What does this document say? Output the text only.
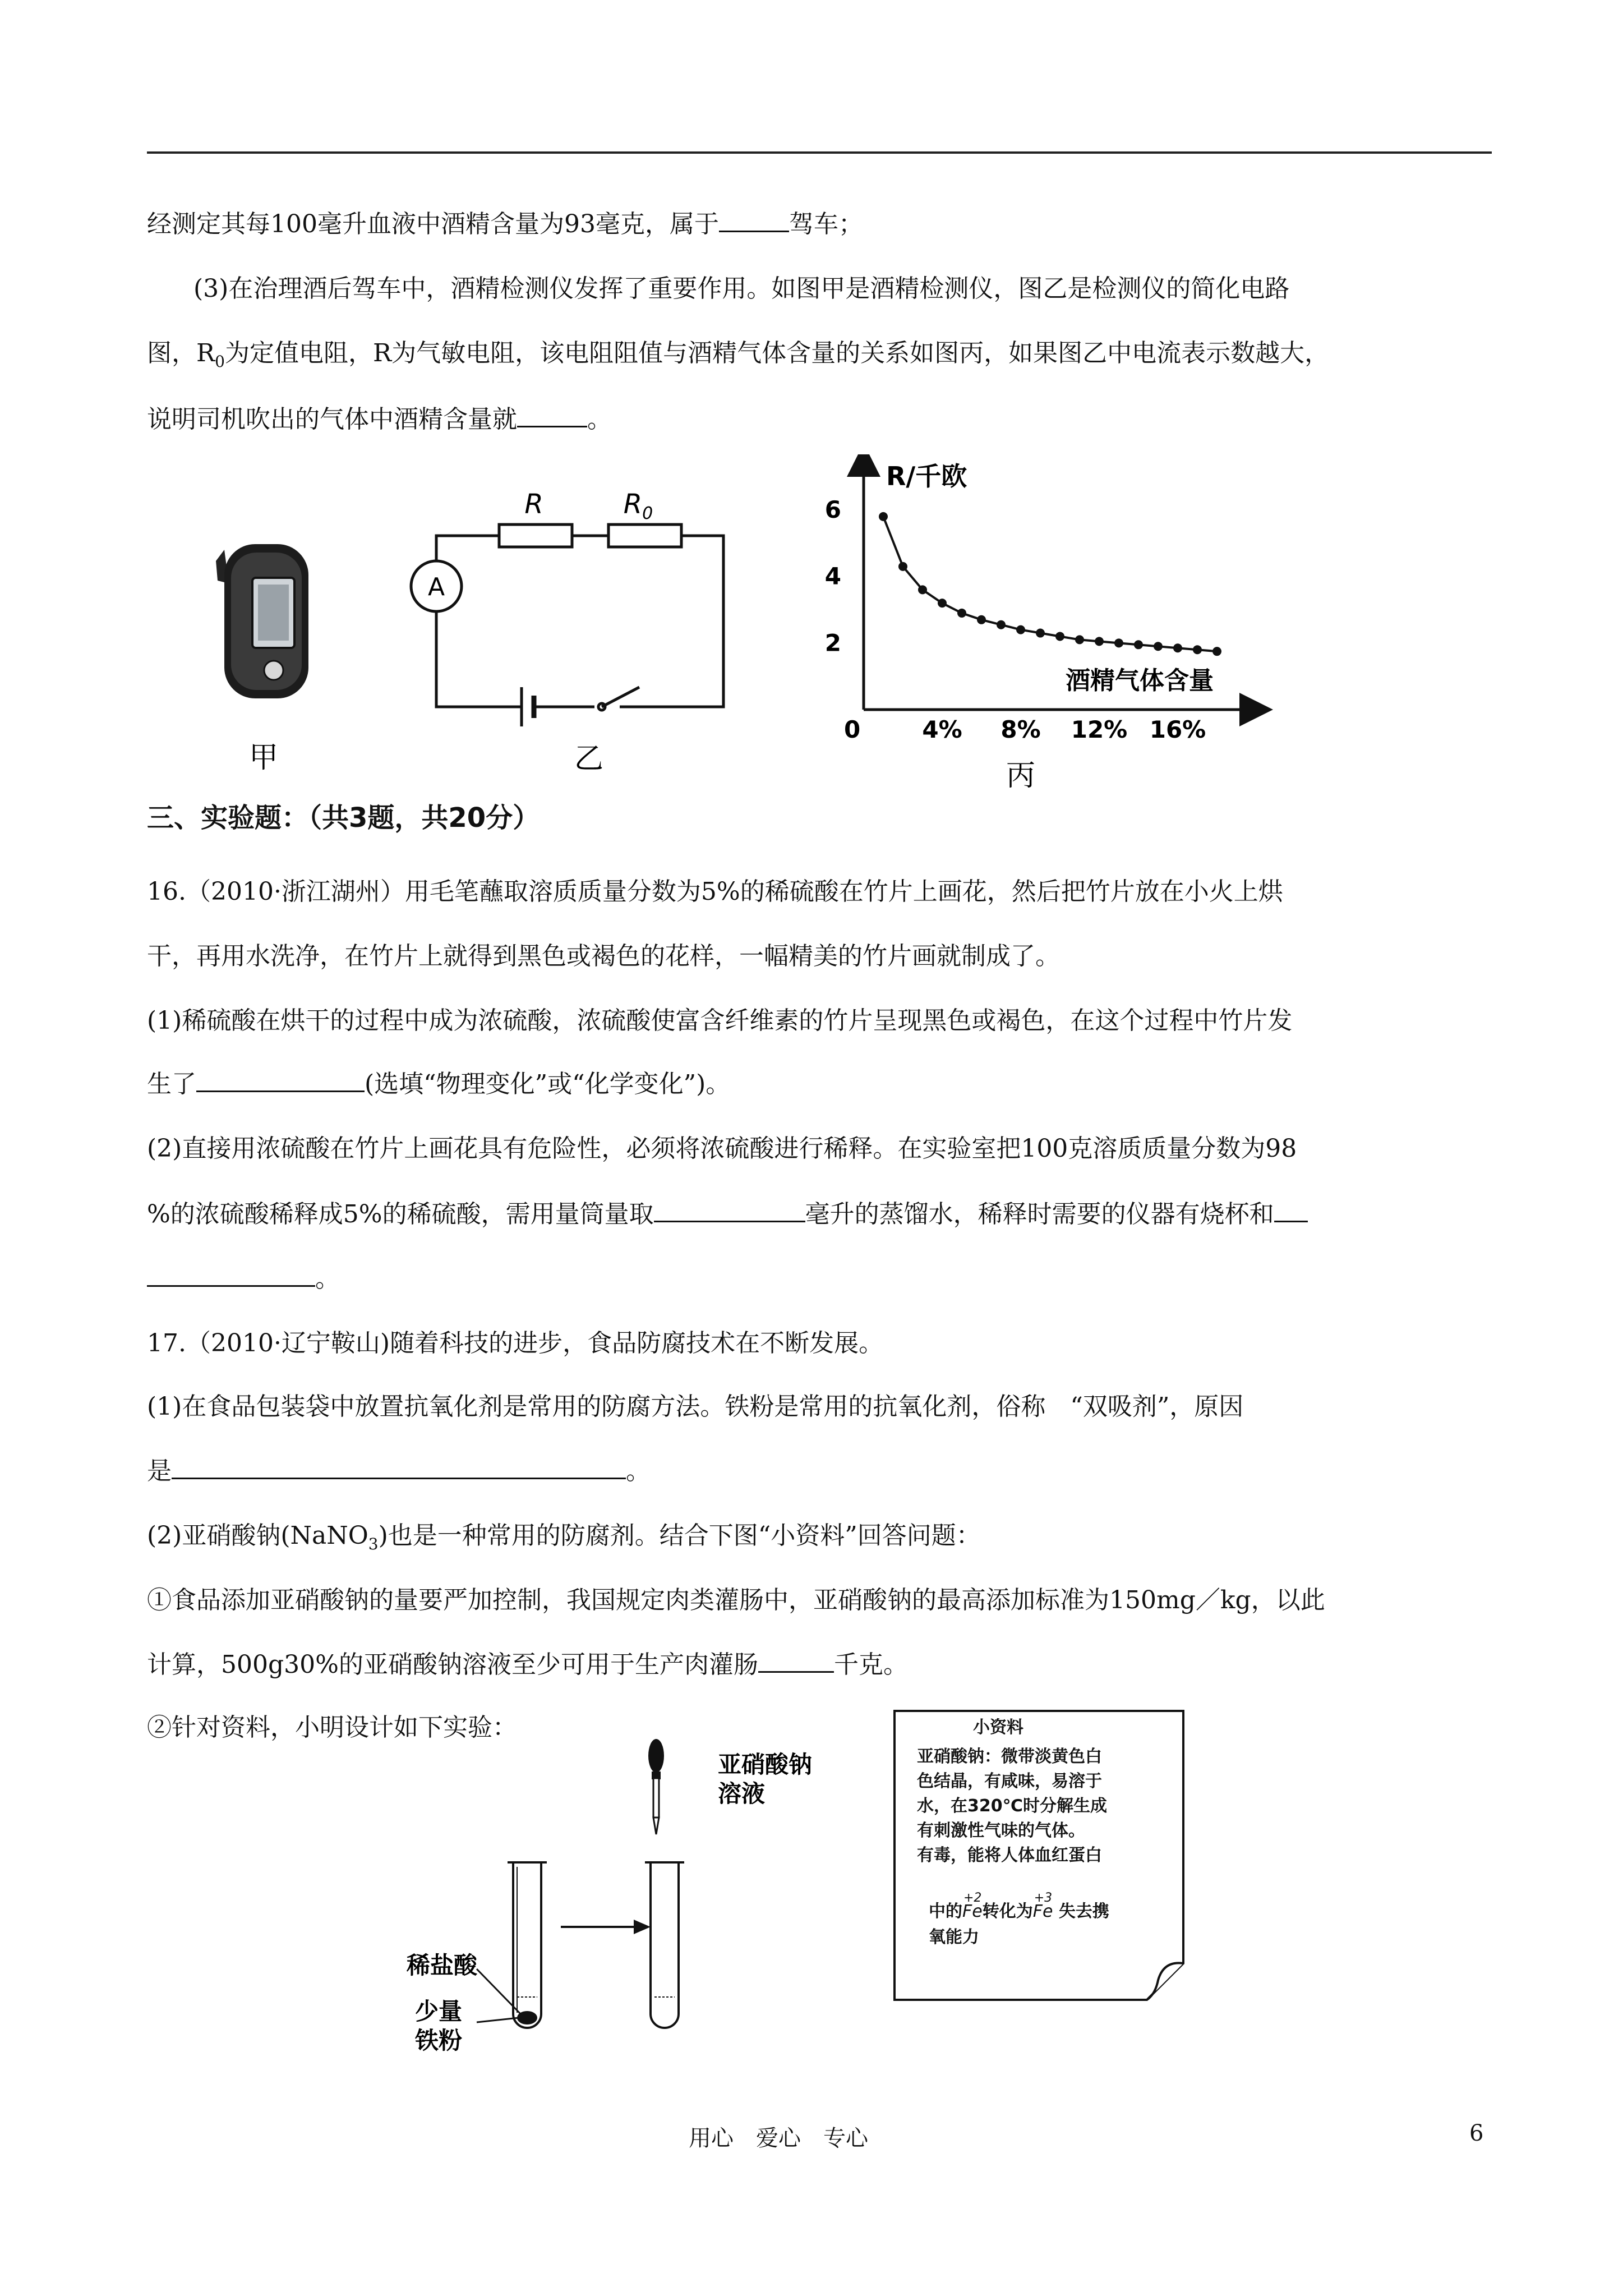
经测定其每100毫升血液中酒精含量为93毫克，属于	驾车；
(3)在治理酒后驾车中，酒精检测仪发挥了重要作用。如图甲是酒精检测仪，图乙是检测仪的简化电路
图，$R_0$为定值电阻，R为气敏电阻，该电阻阻值与酒精气体含量的关系如图丙，如果图乙中电流表示数越大，
说明司机吹出的气体中酒精含量就	。
甲
A
R	$R_0$
乙
R/千欧
酒精气体含量
0	4% 8% 12% 16%
2
4
6
丙
三、实验题：（共3题，共20分）
16.（2010·浙江湖州）用毛笔蘸取溶质质量分数为5%的稀硫酸在竹片上画花，然后把竹片放在小火上烘
干，再用水洗净，在竹片上就得到黑色或褐色的花样，一幅精美的竹片画就制成了。
(1)稀硫酸在烘干的过程中成为浓硫酸，浓硫酸使富含纤维素的竹片呈现黑色或褐色，在这个过程中竹片发
生了	(选填“物理变化”或“化学变化”)。
(2)直接用浓硫酸在竹片上画花具有危险性，必须将浓硫酸进行稀释。在实验室把100克溶质质量分数为98
%的浓硫酸稀释成5%的稀硫酸，需用量筒量取	毫升的蒸馏水，稀释时需要的仪器有烧杯和
。
17.（2010·辽宁鞍山)随着科技的进步，食品防腐技术在不断发展。
(1)在食品包装袋中放置抗氧化剂是常用的防腐方法。铁粉是常用的抗氧化剂，俗称　“双吸剂”，原因
是	。
(2)亚硝酸钠(NaNO$_3$)也是一种常用的防腐剂。结合下图“小资料”回答问题：
①食品添加亚硝酸钠的量要严加控制，我国规定肉类灌肠中，亚硝酸钠的最高添加标准为150mg／kg，以此
计算，500g30%的亚硝酸钠溶液至少可用于生产肉灌肠	千克。
②针对资料，小明设计如下实验：
亚硝酸钠
溶液
稀盐酸
少量
铁粉
小资料
亚硝酸钠：微带淡黄色白
色结晶，有咸味，易溶于
水，在320℃时分解生成
有刺激性气味的气体。
有毒，能将人体血红蛋白
中的
+2
Fe转化为
+3
Fe 失去携
氧能力
用心　爱心　专心	6
